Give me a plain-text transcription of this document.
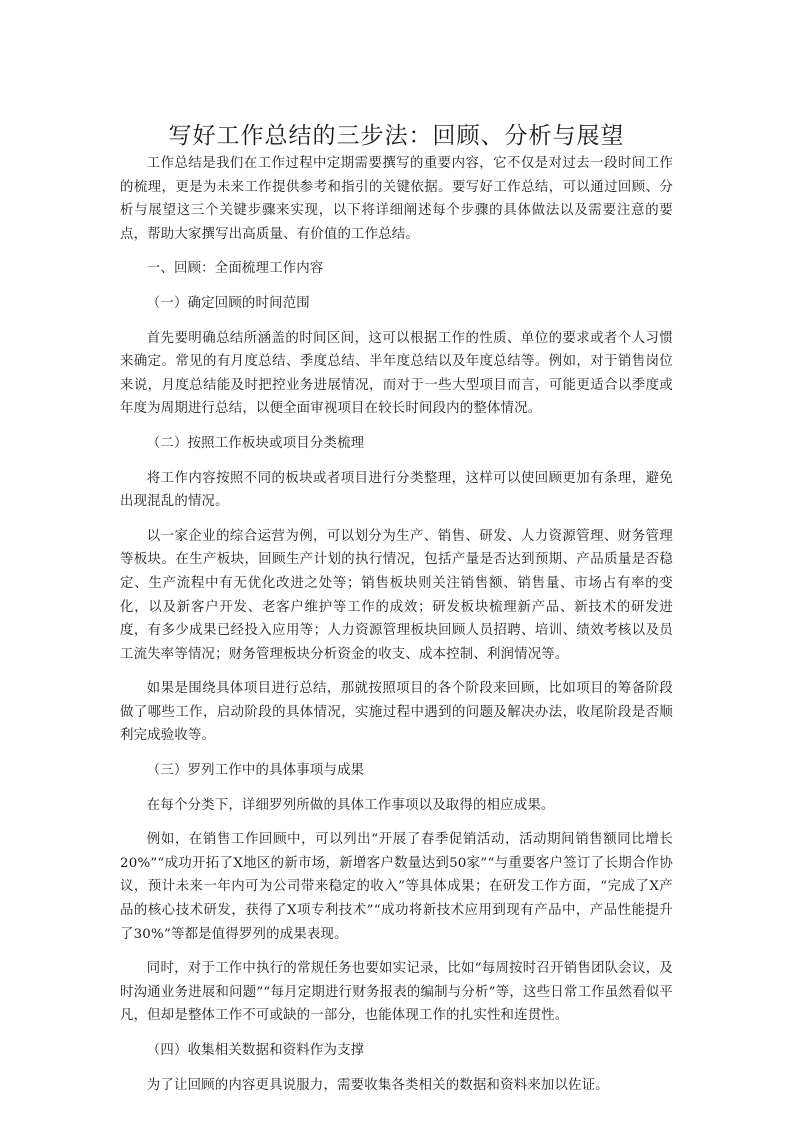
写好工作总结的三步法：回顾、分析与展望

工作总结是我们在工作过程中定期需要撰写的重要内容，它不仅是对过去一段时间工作的梳理，更是为未来工作提供参考和指引的关键依据。要写好工作总结，可以通过回顾、分析与展望这三个关键步骤来实现，以下将详细阐述每个步骤的具体做法以及需要注意的要点，帮助大家撰写出高质量、有价值的工作总结。

一、回顾：全面梳理工作内容

（一）确定回顾的时间范围

首先要明确总结所涵盖的时间区间，这可以根据工作的性质、单位的要求或者个人习惯来确定。常见的有月度总结、季度总结、半年度总结以及年度总结等。例如，对于销售岗位来说，月度总结能及时把控业务进展情况，而对于一些大型项目而言，可能更适合以季度或年度为周期进行总结，以便全面审视项目在较长时间段内的整体情况。

（二）按照工作板块或项目分类梳理

将工作内容按照不同的板块或者项目进行分类整理，这样可以使回顾更加有条理，避免出现混乱的情况。

以一家企业的综合运营为例，可以划分为生产、销售、研发、人力资源管理、财务管理等板块。在生产板块，回顾生产计划的执行情况，包括产量是否达到预期、产品质量是否稳定、生产流程中有无优化改进之处等；销售板块则关注销售额、销售量、市场占有率的变化，以及新客户开发、老客户维护等工作的成效；研发板块梳理新产品、新技术的研发进度，有多少成果已经投入应用等；人力资源管理板块回顾人员招聘、培训、绩效考核以及员工流失率等情况；财务管理板块分析资金的收支、成本控制、利润情况等。

如果是围绕具体项目进行总结，那就按照项目的各个阶段来回顾，比如项目的筹备阶段做了哪些工作，启动阶段的具体情况，实施过程中遇到的问题及解决办法，收尾阶段是否顺利完成验收等。

（三）罗列工作中的具体事项与成果

在每个分类下，详细罗列所做的具体工作事项以及取得的相应成果。

例如，在销售工作回顾中，可以列出“开展了春季促销活动，活动期间销售额同比增长20%”“成功开拓了X地区的新市场，新增客户数量达到50家”“与重要客户签订了长期合作协议，预计未来一年内可为公司带来稳定的收入”等具体成果；在研发工作方面，“完成了X产品的核心技术研发，获得了X项专利技术”“成功将新技术应用到现有产品中，产品性能提升了30%”等都是值得罗列的成果表现。

同时，对于工作中执行的常规任务也要如实记录，比如“每周按时召开销售团队会议，及时沟通业务进展和问题”“每月定期进行财务报表的编制与分析”等，这些日常工作虽然看似平凡，但却是整体工作不可或缺的一部分，也能体现工作的扎实性和连贯性。

（四）收集相关数据和资料作为支撑

为了让回顾的内容更具说服力，需要收集各类相关的数据和资料来加以佐证。
